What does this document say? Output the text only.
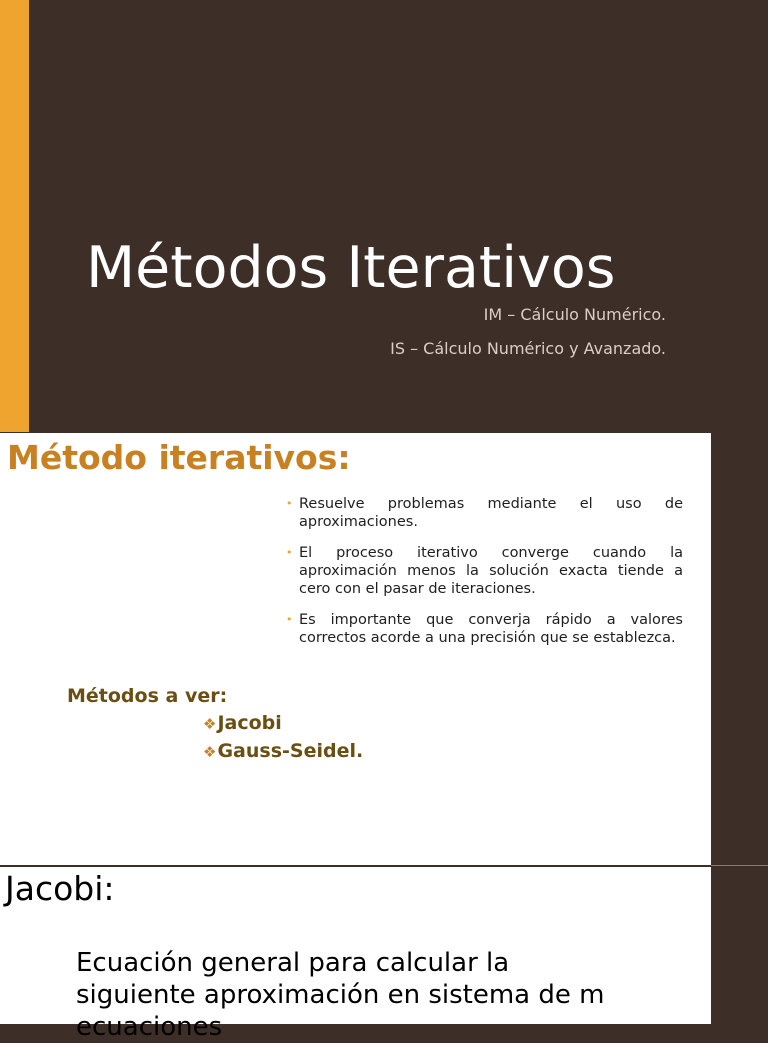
Métodos Iterativos
IM – Cálculo Numérico.
IS – Cálculo Numérico y Avanzado.
Método iterativos:
• Resuelve problemas mediante el uso de aproximaciones.
• El proceso iterativo converge cuando la aproximación menos la solución exacta tiende a cero con el pasar de iteraciones.
• Es importante que converja rápido a valores correctos acorde a una precisión que se establezca.
Métodos a ver:
❖Jacobi
❖Gauss-Seidel.
Jacobi:
Ecuación general para calcular la siguiente aproximación en sistema de m ecuaciones
